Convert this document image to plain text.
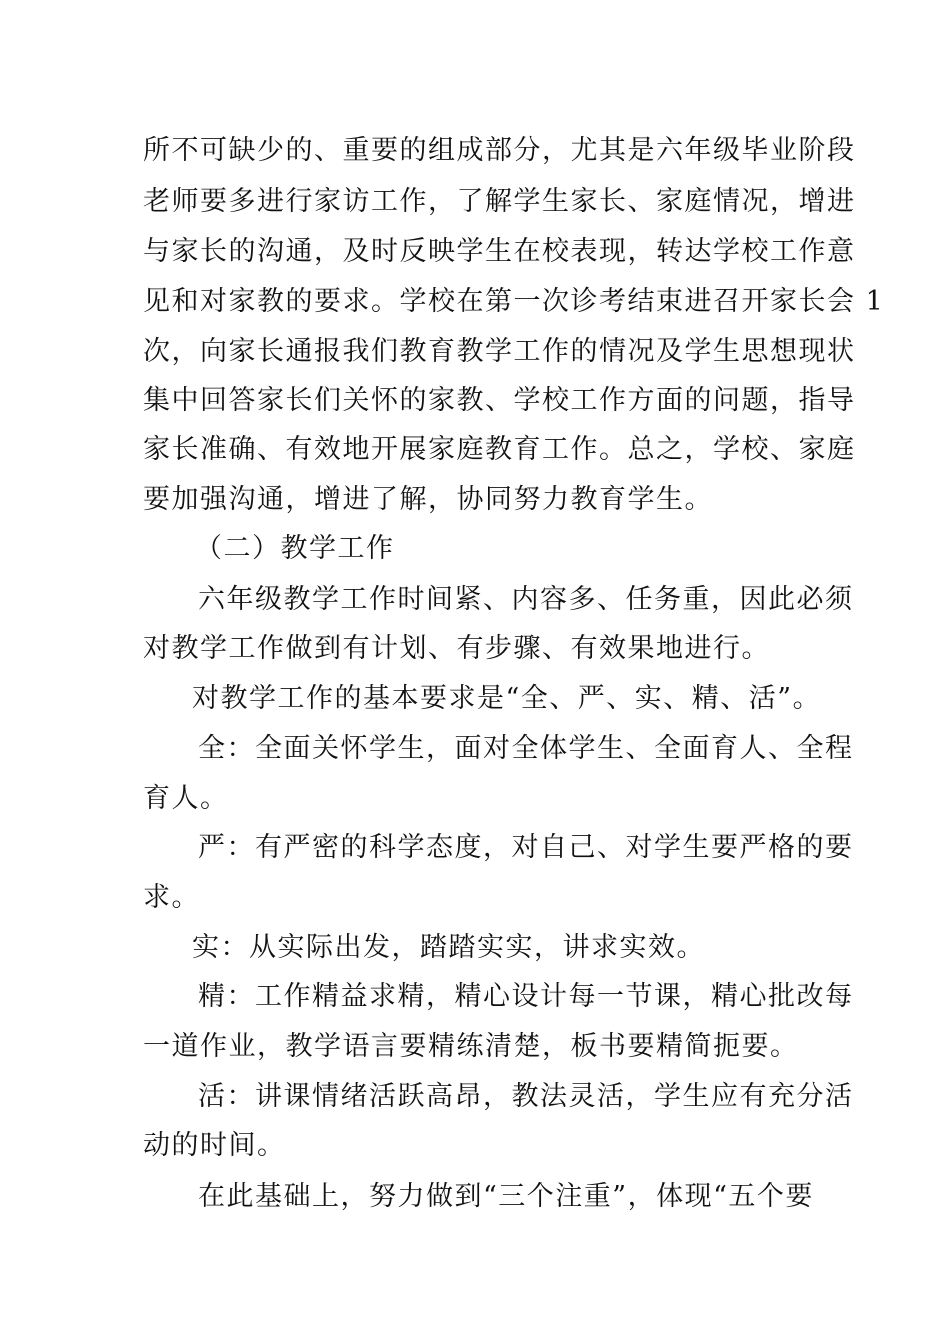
所不可缺少的、重要的组成部分，尤其是六年级毕业阶段
老师要多进行家访工作，了解学生家长、家庭情况，增进
与家长的沟通，及时反映学生在校表现，转达学校工作意
见和对家教的要求。学校在第一次诊考结束进召开家长会 1
次，向家长通报我们教育教学工作的情况及学生思想现状
集中回答家长们关怀的家教、学校工作方面的问题，指导
家长准确、有效地开展家庭教育工作。总之，学校、家庭
要加强沟通，增进了解，协同努力教育学生。
（二）教学工作
六年级教学工作时间紧、内容多、任务重，因此必须
对教学工作做到有计划、有步骤、有效果地进行。
对教学工作的基本要求是“全、严、实、精、活”。
全：全面关怀学生，面对全体学生、全面育人、全程
育人。
严：有严密的科学态度，对自己、对学生要严格的要
求。
实：从实际出发，踏踏实实，讲求实效。
精：工作精益求精，精心设计每一节课，精心批改每
一道作业，教学语言要精练清楚，板书要精简扼要。
活：讲课情绪活跃高昂，教法灵活，学生应有充分活
动的时间。
在此基础上，努力做到“三个注重”，体现“五个要
